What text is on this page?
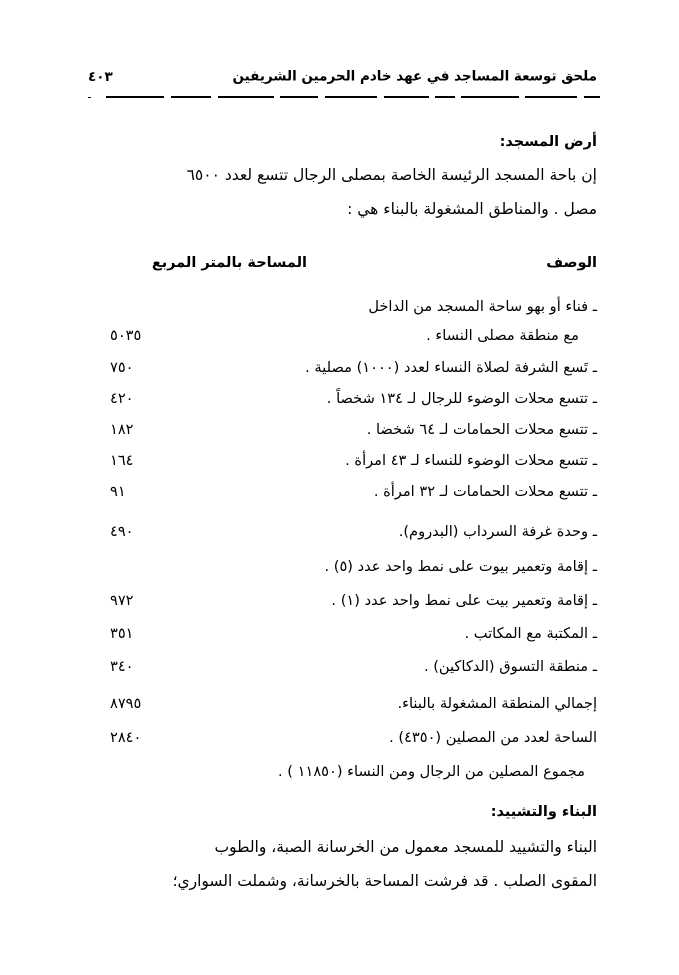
ملحق توسعة المساجد في عهد خادم الحرمين الشريفين
٤٠٣
أرض المسجد:
إن باحة المسجد الرئيسة الخاصة بمصلى الرجال تتسع لعدد ٦٥٠٠
مصل . والمناطق المشغولة بالبناء هي :
الوصف
المساحة بالمتر المربع
ـ فناء أو بهو ساحة المسجد من الداخل
مع منطقة مصلى النساء .
٥٠٣٥
ـ تَسع الشرفة لصلاة النساء لعدد (١٠٠٠) مصلية .
٧٥٠
ـ تتسع محلات الوضوء للرجال لـ ١٣٤ شخصاً .
٤٢٠
ـ تتسع محلات الحمامات لـ ٦٤ شخضا .
١٨٢
ـ تتسع محلات الوضوء للنساء لـ ٤٣ امرأة .
١٦٤
ـ تتسع محلات الحمامات لـ ٣٢ امرأة .
٩١
ـ وحدة غرفة السرداب (البدروم).
٤٩٠
ـ إقامة وتعمير بيوت على نمط واحد عدد (٥) .
ـ إقامة وتعمير بيت على نمط واحد عدد (١) .
٩٧٢
ـ المكتبة مع المكاتب .
٣٥١
ـ منطقة التسوق (الدكاكين) .
٣٤٠
إجمالي المنطقة المشغولة بالبناء.
٨٧٩٥
الساحة لعدد من المصلين (٤٣٥٠) .
٢٨٤٠
مجموع المصلين من الرجال ومن النساء (١١٨٥٠ ) .
البناء والتشييد:
البناء والتشييد للمسجد معمول من الخرسانة الصبة، والطوب
المقوى الصلب . قد فرشت المساحة بالخرسانة، وشملت السواري؛
